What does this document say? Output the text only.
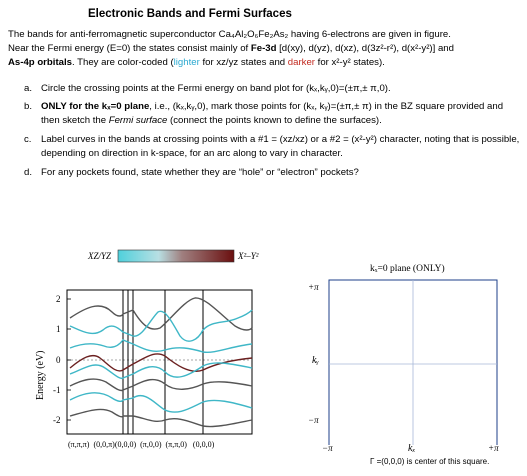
Electronic Bands and Fermi Surfaces
The bands for anti-ferromagnetic superconductor Ca₄Al₂O₆Fe₂As₂ having 6-electrons are given in figure.
Near the Fermi energy (E=0) the states consist mainly of Fe-3d [d(xy), d(yz), d(xz), d(3z²-r²), d(x²-y²)] and
As-4p orbitals. They are color-coded (lighter for xz/yz states and darker for x²-y² states).
a. Circle the crossing points at the Fermi energy on band plot for (kₓ,kᵧ,0)=(±π,± π,0).
b. ONLY for the kₓ=0 plane, i.e., (kₓ,kᵧ,0), mark those points for (kₓ, kᵧ)=(±π,± π) in the BZ square provided and then sketch the Fermi surface (connect the points known to define the surfaces).
c. Label curves in the bands at crossing points with a #1 = (xz/xz) or a #2 = (x²-y²) character, noting that is possible, depending on direction in k-space, for an arc along to vary in character.
d. For any pockets found, state whether they are “hole” or “electron” pockets?
XZ/YZ	X²–Y²
2
1
0
-1
-2
Energy (eV)
(π,π,π)  (0,0,π)(0,0,0)  (π,0,0)  (π,π,0)   (0,0,0)
kₓ=0 plane (ONLY)
+π
kᵧ
−π
−π	kₓ	+π
Γ =(0,0,0) is center of this square.
